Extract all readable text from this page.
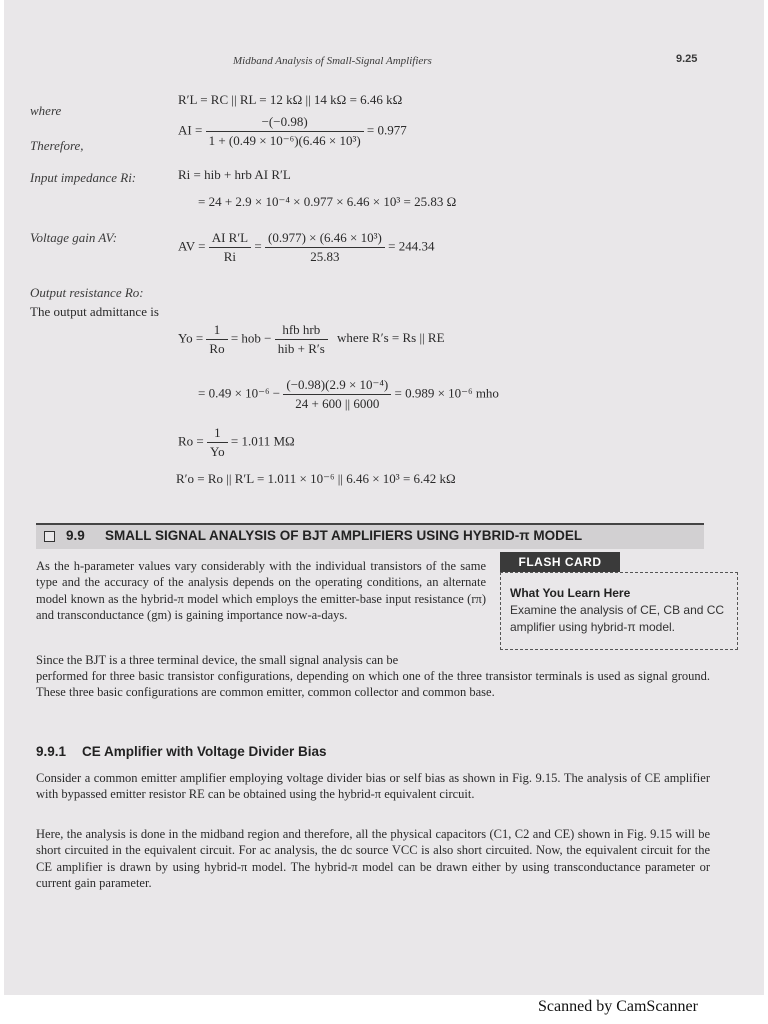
Midband Analysis of Small-Signal Amplifiers	9.25
where
R′L = RC || RL = 12 kΩ || 14 kΩ = 6.46 kΩ
Therefore,
AI = $\frac{-(-0.98)}{\text{1 + (0.49 × 10⁻⁶)(6.46 × 10³)}} = 0.977$
Input impedance Ri:	Ri = hib + hrb AI R′L
= 24 + 2.9 × 10⁻⁴ × 0.977 × 6.46 × 10³ = 25.83 Ω
Voltage gain AV:
AV = $\frac{\text{AI R′L}}{Ri} = \frac{\text{(0.977) × (6.46 × 10³)}}{25.83} = 244.34$
Output resistance Ro:
The output admittance is
$Yo = \frac{1}{Ro}$ = hob − $\frac{\text{hfb hrb}}{\text{hib + R′s}}$ where R′s = Rs || RE
= $0.49 \times 10^{-6} - \frac{\text{(−0.98)(2.9 × 10⁻⁴)}}{24 + 600 || 6000} = 0.989 \times 10^{-6}$ mho
$Ro = \frac{1}{Yo} = 1.011$ MΩ
R′o = Ro || R′L = 1.011 × 10⁻⁶ || 6.46 × 10³ = 6.42 kΩ
9.9 SMALL SIGNAL ANALYSIS OF BJT AMPLIFIERS USING HYBRID-π MODEL
As the h-parameter values vary considerably with the individual transistors of the same type and the accuracy of the analysis depends on the operating conditions, an alternate model known as the hybrid-π model which employs the emitter-base input resistance (rπ) and transconductance (gm) is gaining importance now-a-days.
FLASH CARD
What You Learn Here
Examine the analysis of CE, CB and CC amplifier using hybrid-π model.
Since the BJT is a three terminal device, the small signal analysis can be
performed for three basic transistor configurations, depending on which one of the three transistor terminals is used as signal ground. These three basic configurations are common emitter, common collector and common base.
9.9.1 CE Amplifier with Voltage Divider Bias
Consider a common emitter amplifier employing voltage divider bias or self bias as shown in Fig. 9.15. The analysis of CE amplifier with bypassed emitter resistor RE can be obtained using the hybrid-π equivalent circuit.
Here, the analysis is done in the midband region and therefore, all the physical capacitors (C1, C2 and CE) shown in Fig. 9.15 will be short circuited in the equivalent circuit. For ac analysis, the dc source VCC is also short circuited. Now, the equivalent circuit for the CE amplifier is drawn by using hybrid-π model. The hybrid-π model can be drawn either by using transconductance parameter or current gain parameter.
Scanned by CamScanner
